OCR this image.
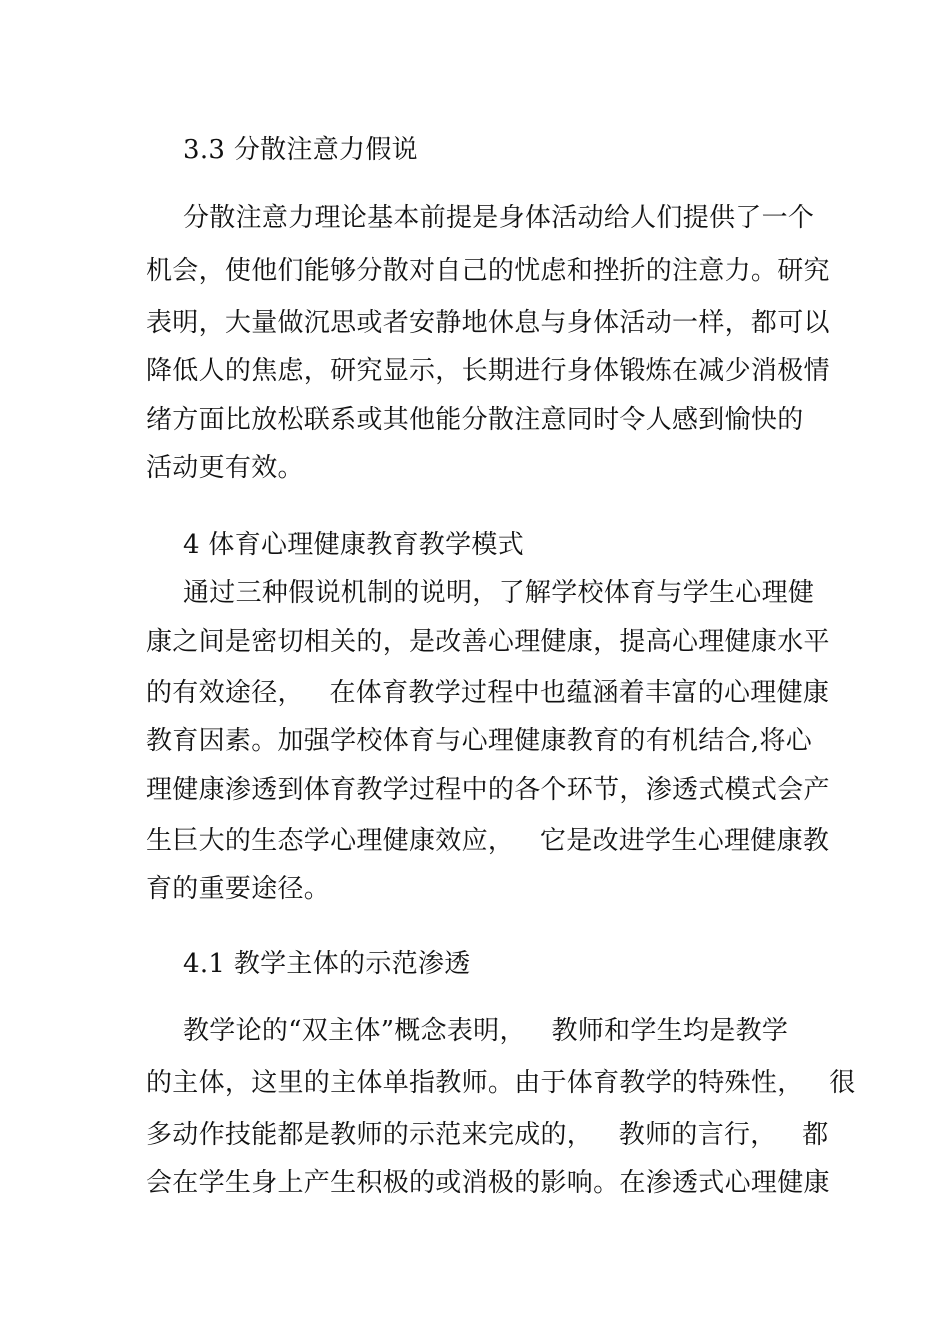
3.3 分散注意力假说
分散注意力理论基本前提是身体活动给人们提供了一个
机会，使他们能够分散对自己的忧虑和挫折的注意力。研究
表明，大量做沉思或者安静地休息与身体活动一样，都可以
降低人的焦虑，研究显示，长期进行身体锻炼在减少消极情
绪方面比放松联系或其他能分散注意同时令人感到愉快的
活动更有效。
4 体育心理健康教育教学模式
通过三种假说机制的说明，了解学校体育与学生心理健
康之间是密切相关的，是改善心理健康，提高心理健康水平
的有效途径，   在体育教学过程中也蕴涵着丰富的心理健康
教育因素。加强学校体育与心理健康教育的有机结合,将心
理健康渗透到体育教学过程中的各个环节，渗透式模式会产
生巨大的生态学心理健康效应，   它是改进学生心理健康教
育的重要途径。
4.1 教学主体的示范渗透
教学论的“双主体”概念表明，   教师和学生均是教学
的主体，这里的主体单指教师。由于体育教学的特殊性，   很
多动作技能都是教师的示范来完成的，   教师的言行，   都
会在学生身上产生积极的或消极的影响。在渗透式心理健康
